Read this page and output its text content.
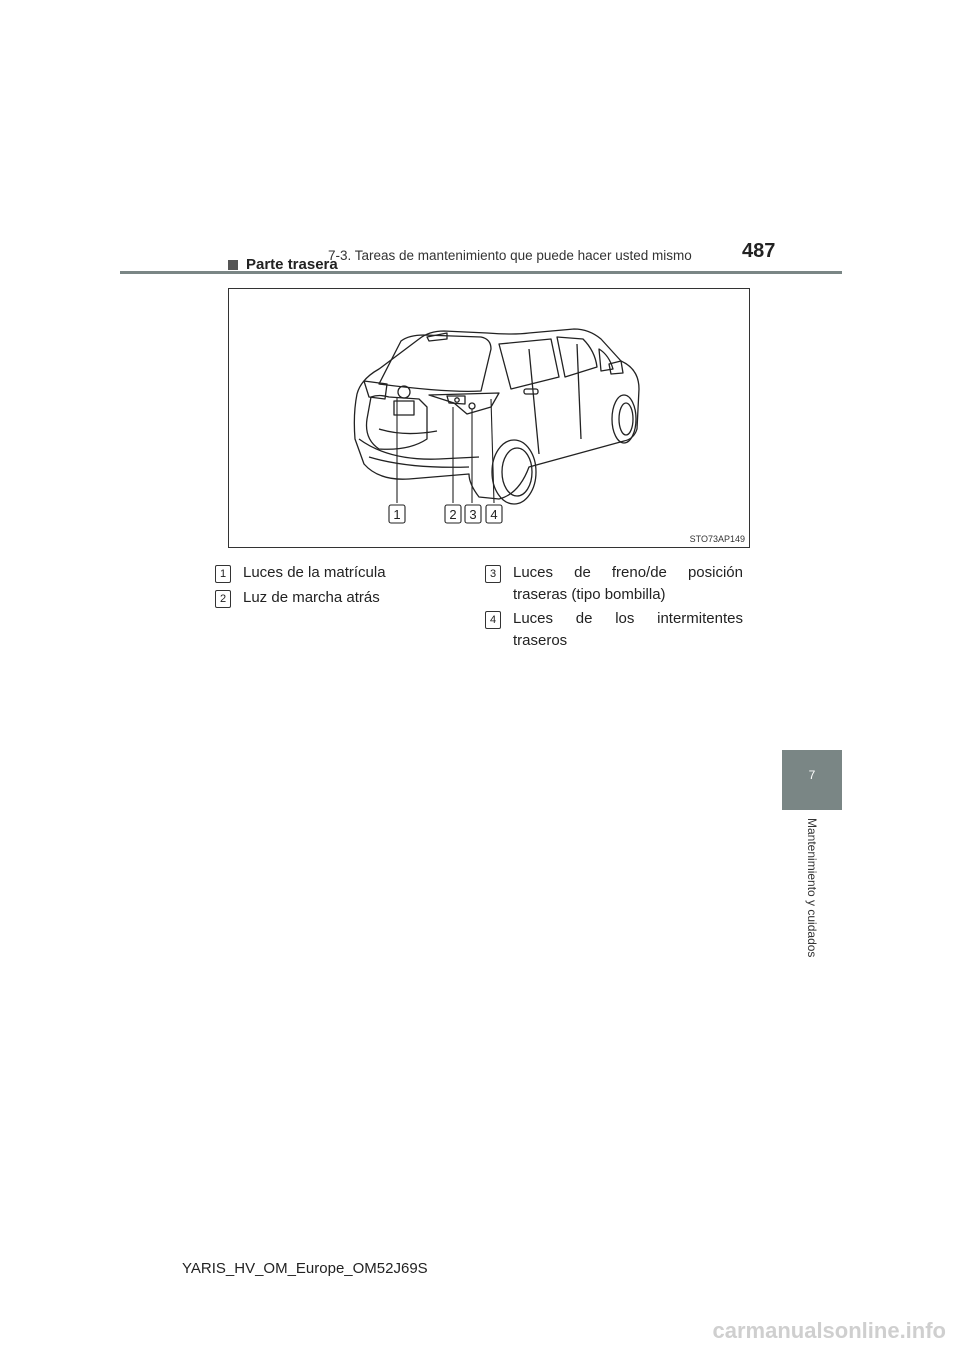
7-3. Tareas de mantenimiento que puede hacer usted mismo	487
Parte trasera
1	2 3 4
STO73AP149
1	Luces de la matrícula
2	Luz de marcha atrás
3	Luces de freno/de posición
traseras (tipo bombilla)
4	Luces de los intermitentes
traseros
7
Mantenimiento y cuidados
YARIS_HV_OM_Europe_OM52J69S
carmanualsonline.info
